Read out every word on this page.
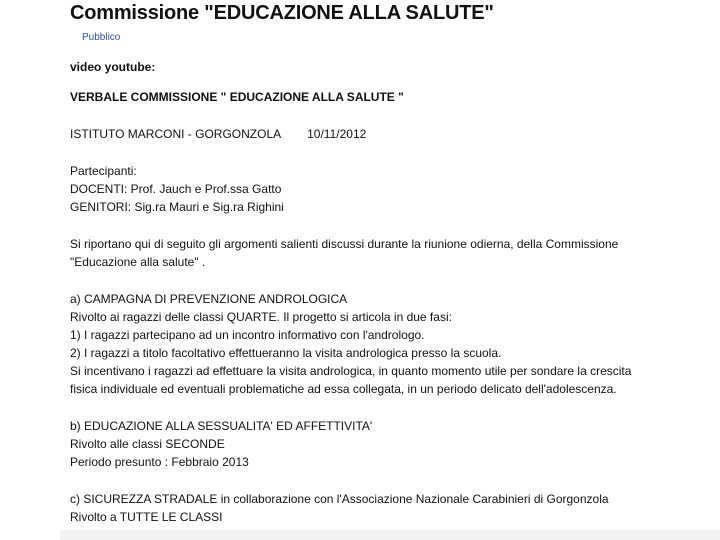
Commissione "EDUCAZIONE ALLA SALUTE"
Pubblico
video youtube:
VERBALE COMMISSIONE " EDUCAZIONE ALLA SALUTE "
ISTITUTO MARCONI - GORGONZOLA 10/11/2012
Partecipanti:
DOCENTI: Prof. Jauch e Prof.ssa Gatto
GENITORI: Sig.ra Mauri e Sig.ra Righini
Si riportano qui di seguito gli argomenti salienti discussi durante la riunione odierna, della Commissione
"Educazione alla salute" .
a) CAMPAGNA DI PREVENZIONE ANDROLOGICA
Rivolto ai ragazzi delle classi QUARTE. Il progetto si articola in due fasi:
1) I ragazzi partecipano ad un incontro informativo con l'andrologo.
2) I ragazzi a titolo facoltativo effettueranno la visita andrologica presso la scuola.
Si incentivano i ragazzi ad effettuare la visita andrologica, in quanto momento utile per sondare la crescita
fisica individuale ed eventuali problematiche ad essa collegata, in un periodo delicato dell'adolescenza.
b) EDUCAZIONE ALLA SESSUALITA' ED AFFETTIVITA'
Rivolto alle classi SECONDE
Periodo presunto : Febbraio 2013
c) SICUREZZA STRADALE in collaborazione con l'Associazione Nazionale Carabinieri di Gorgonzola
Rivolto a TUTTE LE CLASSI
